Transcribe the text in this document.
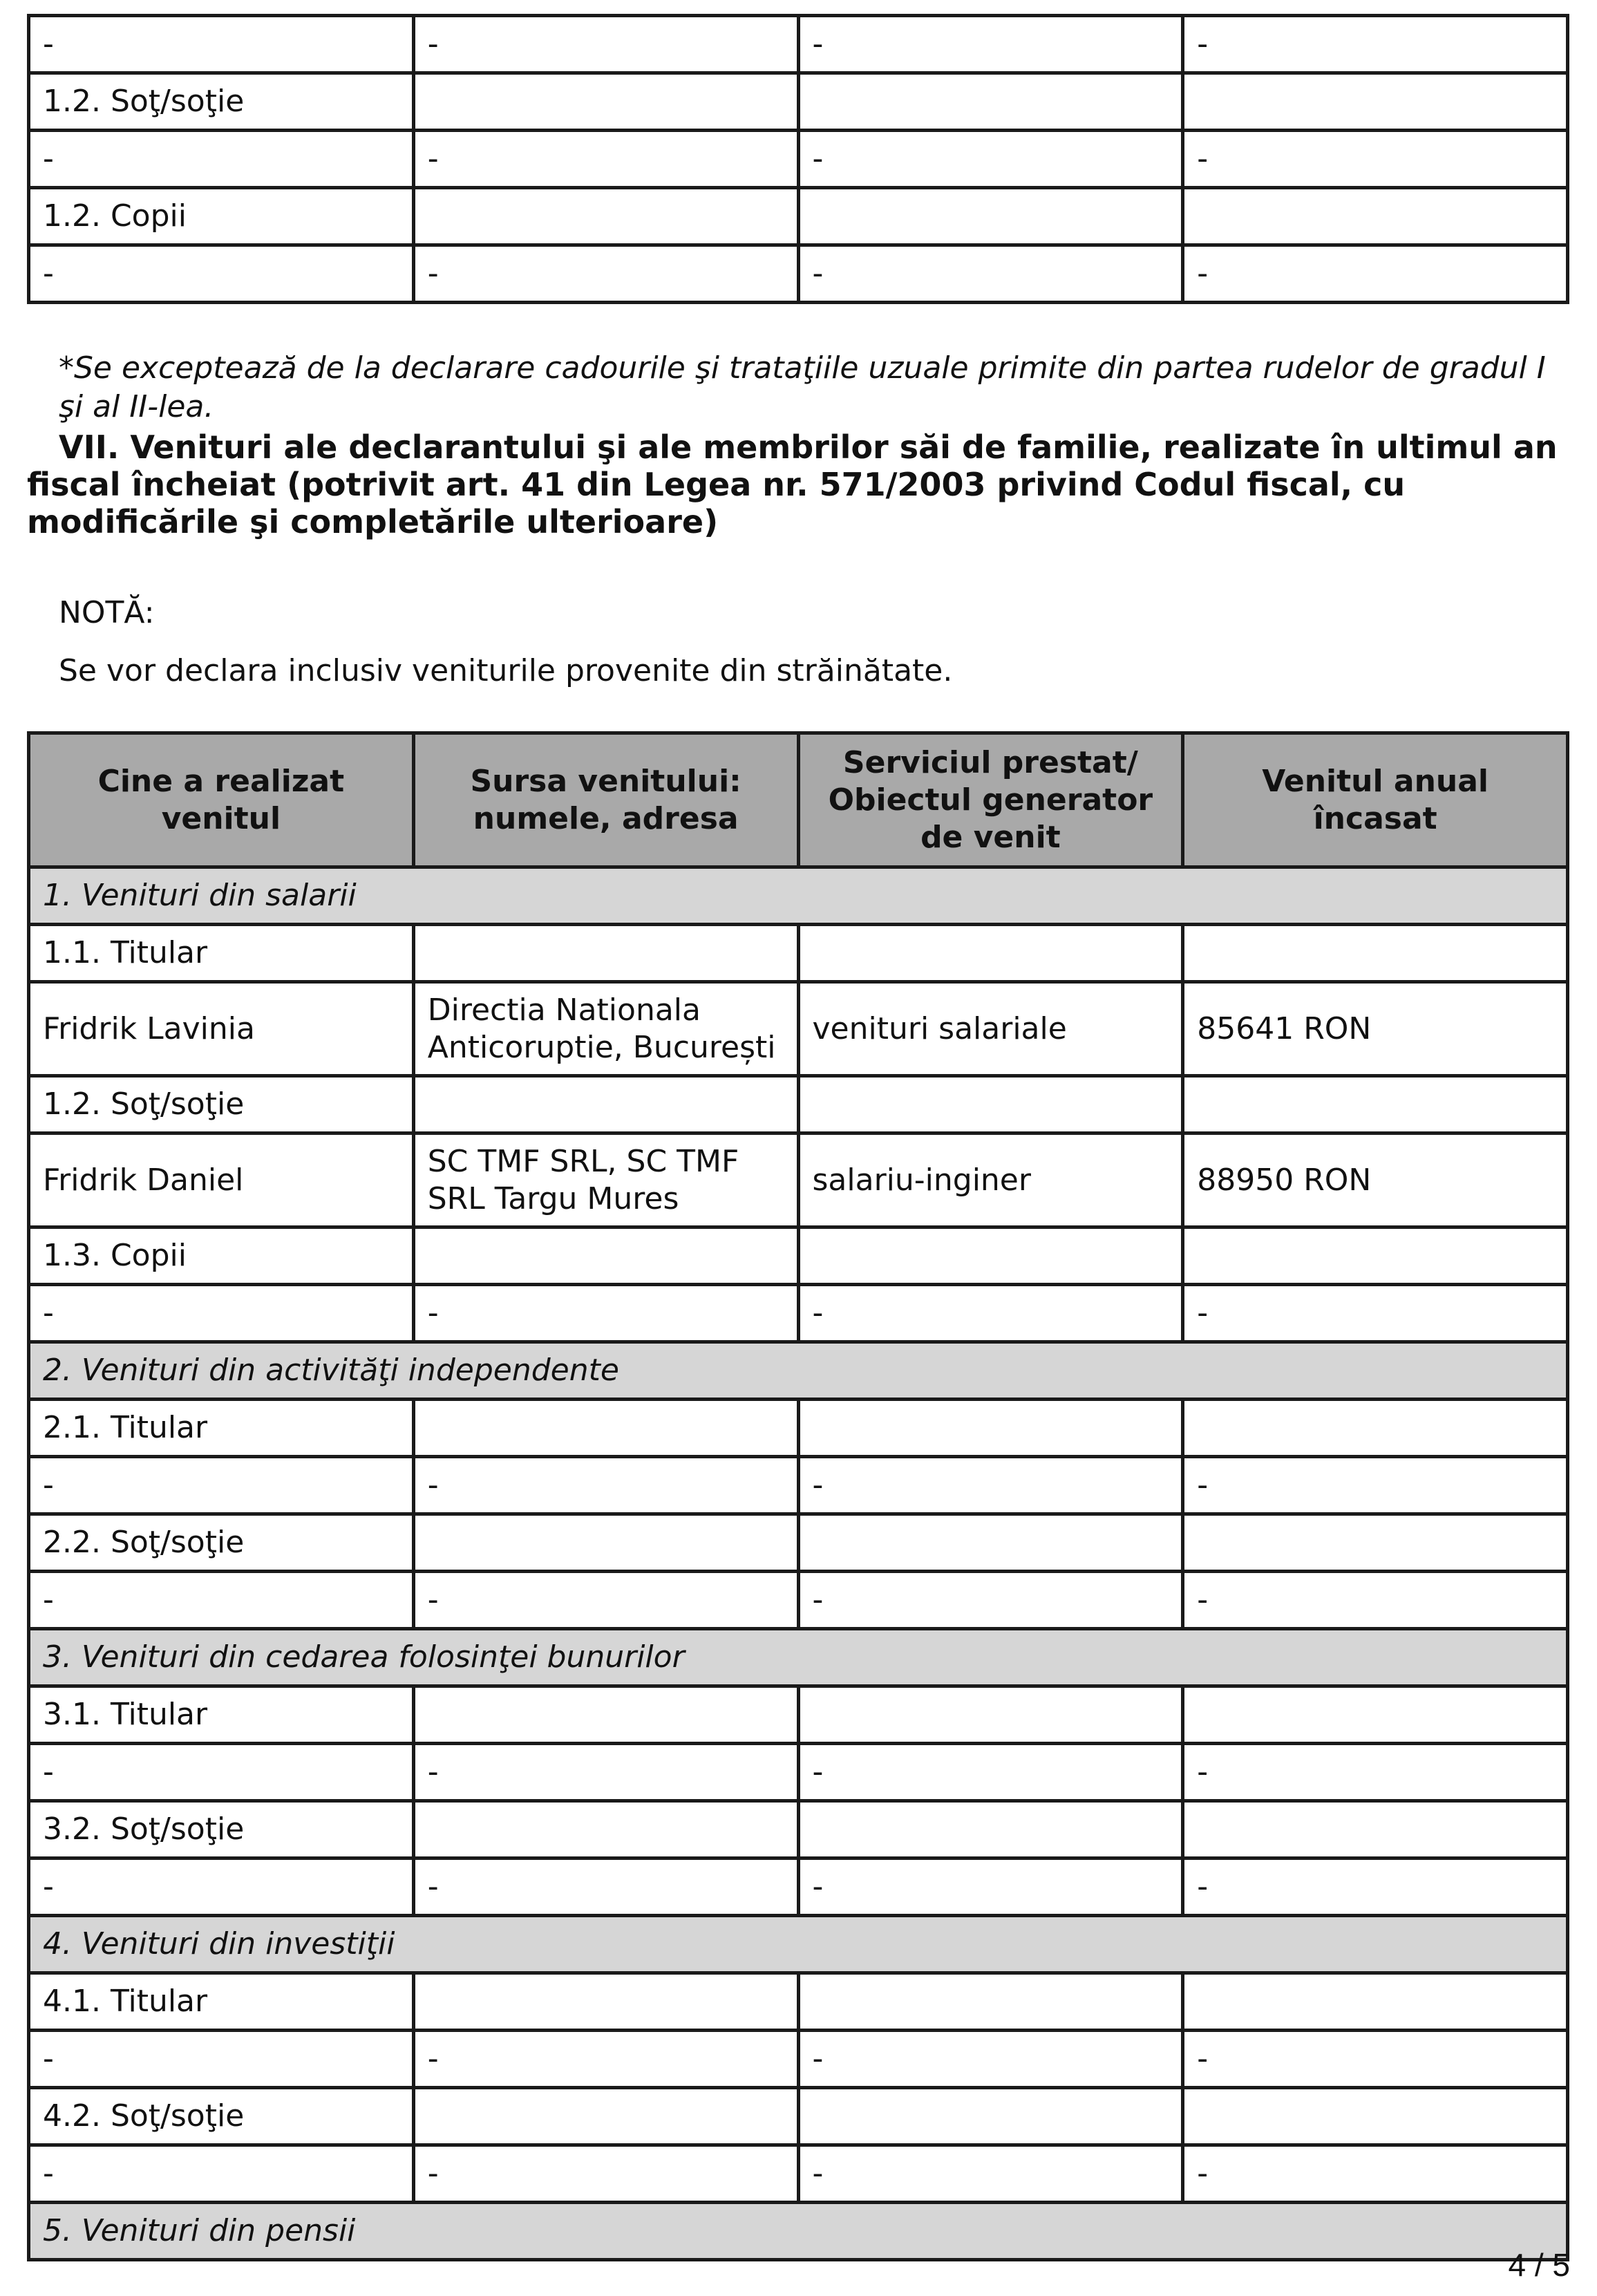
-	-	-	-
1.2. Soţ/soţie			
-	-	-	-
1.2. Copii			
-	-	-	-
*Se exceptează de la declarare cadourile şi trataţiile uzuale primite din partea rudelor de gradul I şi al II-lea.
VII. Venituri ale declarantului şi ale membrilor săi de familie, realizate în ultimul an fiscal încheiat (potrivit art. 41 din Legea nr. 571/2003 privind Codul fiscal, cu modificările şi completările ulterioare)
NOTĂ:
Se vor declara inclusiv veniturile provenite din străinătate.
Cine a realizat venitul	Sursa venitului: numele, adresa	Serviciul prestat/ Obiectul generator de venit	Venitul anual încasat
1. Venituri din salarii			
1.1. Titular			
Fridrik Lavinia	Directia Nationala Anticoruptie, București	venituri salariale	85641 RON
1.2. Soţ/soţie			
Fridrik Daniel	SC TMF SRL, SC TMF SRL Targu Mures	salariu-inginer	88950 RON
1.3. Copii			
-	-	-	-
2. Venituri din activităţi independente			
2.1. Titular			
-	-	-	-
2.2. Soţ/soţie			
-	-	-	-
3. Venituri din cedarea folosinţei bunurilor			
3.1. Titular			
-	-	-	-
3.2. Soţ/soţie			
-	-	-	-
4. Venituri din investiţii			
4.1. Titular			
-	-	-	-
4.2. Soţ/soţie			
-	-	-	-
5. Venituri din pensii			
4 / 5
